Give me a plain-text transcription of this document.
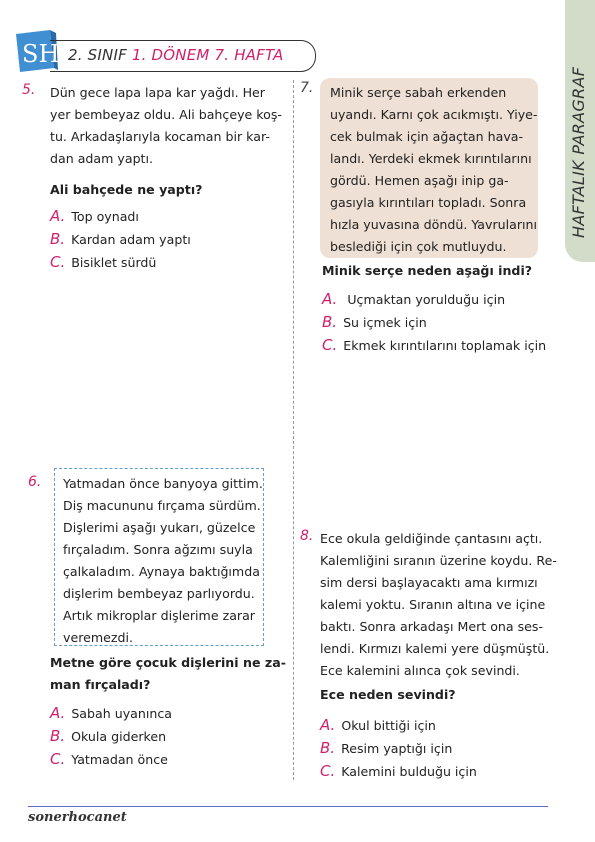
SH 2. SINIF 1. DÖNEM 7. HAFTA
HAFTALIK PARAGRAF
5. Dün gece lapa lapa kar yağdı. Her
yer bembeyaz oldu. Ali bahçeye koş-
tu. Arkadaşlarıyla kocaman bir kar-
dan adam yaptı.
Ali bahçede ne yaptı?
A. Top oynadı
B. Kardan adam yaptı
C. Bisiklet sürdü
7. Minik serçe sabah erkenden
uyandı. Karnı çok acıkmıştı. Yiye-
cek bulmak için ağaçtan hava-
landı. Yerdeki ekmek kırıntılarını
gördü. Hemen aşağı inip ga-
gasıyla kırıntıları topladı. Sonra
hızla yuvasına döndü. Yavrularını
beslediği için çok mutluydu.
Minik serçe neden aşağı indi?
A. Uçmaktan yorulduğu için
B. Su içmek için
C. Ekmek kırıntılarını toplamak için
6. Yatmadan önce banyoya gittim.
Diş macununu fırçama sürdüm.
Dişlerimi aşağı yukarı, güzelce
fırçaladım. Sonra ağzımı suyla
çalkaladım. Aynaya baktığımda
dişlerim bembeyaz parlıyordu.
Artık mikroplar dişlerime zarar
veremezdi.
Metne göre çocuk dişlerini ne za-
man fırçaladı?
A. Sabah uyanınca
B. Okula giderken
C. Yatmadan önce
8. Ece okula geldiğinde çantasını açtı.
Kalemliğini sıranın üzerine koydu. Re-
sim dersi başlayacaktı ama kırmızı
kalemi yoktu. Sıranın altına ve içine
baktı. Sonra arkadaşı Mert ona ses-
lendi. Kırmızı kalemi yere düşmüştü.
Ece kalemini alınca çok sevindi.
Ece neden sevindi?
A. Okul bittiği için
B. Resim yaptığı için
C. Kalemini bulduğu için
sonerhocanet
